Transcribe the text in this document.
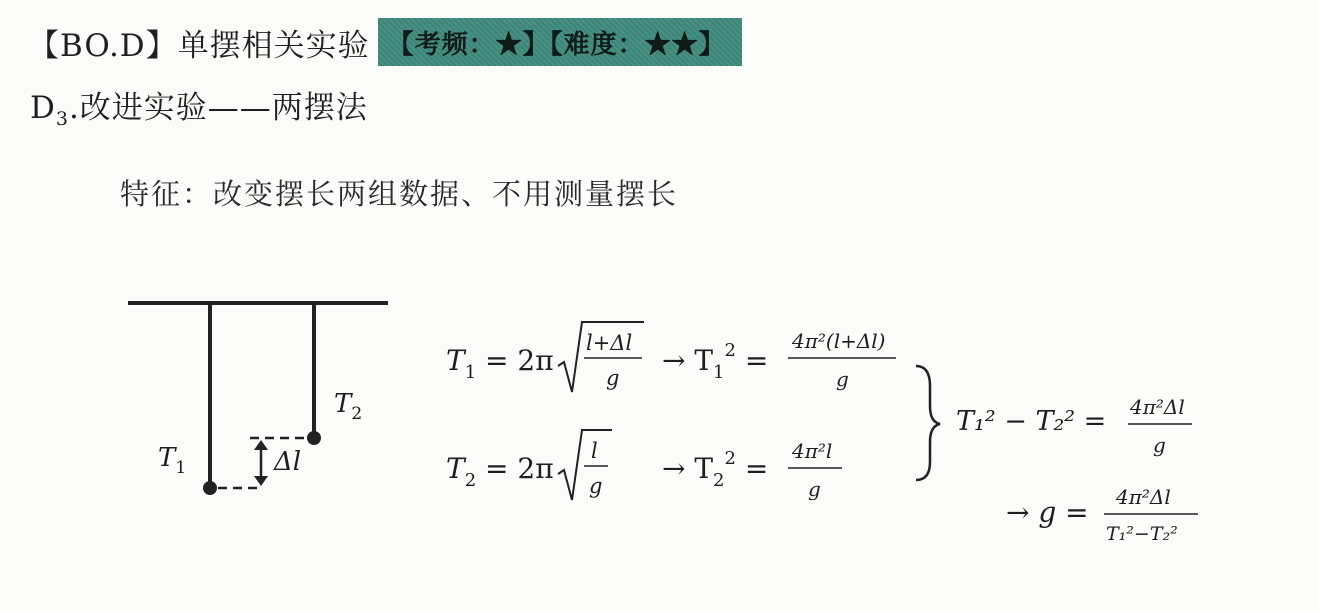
【BO.D】单摆相关实验 【考频：★】【难度：★★】
$D_3$.改进实验——两摆法
特征：改变摆长两组数据、不用测量摆长
Δl
$T_1$
$T_2$
$T_1 = 2\pi$
l+Δl
g
→ $T_1^2$ =
4π²(l+Δl)
g
$T_2 = 2\pi$
l
g
→ $T_2^2$ =
4π²l
g
T₁² − T₂² = 4π²Δl
g
→ g = 4π²Δl
T₁²−T₂²
